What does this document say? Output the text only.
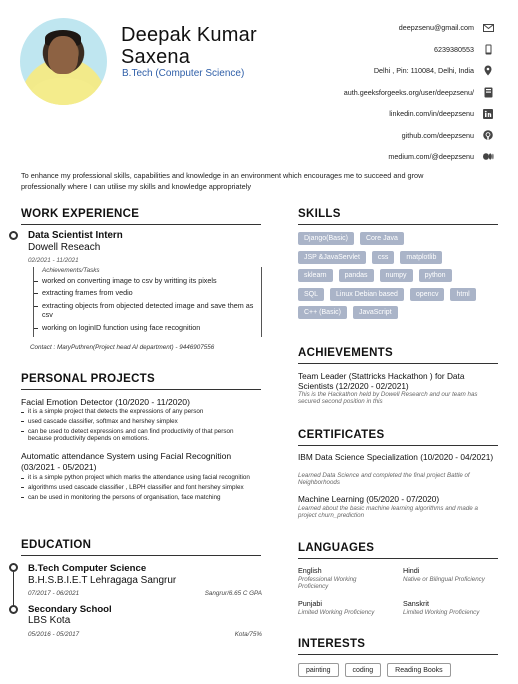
Deepak Kumar
Saxena
B.Tech (Computer Science)
deepzsenu@gmail.com
6239380553
Delhi , Pin: 110084, Delhi, India
auth.geeksforgeeks.org/user/deepzsenu/
linkedin.com/in/deepzsenu
github.com/deepzsenu
medium.com/@deepzsenu
To enhance my professional skills, capabilities and knowledge in an environment which encourages me to succeed and grow professionally where I can utilise my skills and knowledge appropriately
WORK EXPERIENCE
Data Scientist Intern
Dowell Reseach
02/2021 - 11/2021
Achievements/Tasks
worked on converting image to csv by writting its pixels
extracting frames from vedio
extracting objects from objected detected image and save them as csv
working on loginID function using face recognition
Contact : MaryPuthren(Project head AI department) - 9446907556
PERSONAL PROJECTS
Facial Emotion Detector (10/2020 - 11/2020)
it is a simple project that detects the expressions of any person
used cascade classifier, softmax and hershey simplex
can be used to detect expressions and can find productivity of that person because productivity depends on emotions.
Automatic attendance System using Facial Recognition (03/2021 - 05/2021)
it is a simple python project which marks the attendance using facial recognition
algorithms used cascade classifier , LBPH classifier and font hershey simplex
can be used in monitoring the persons of organisation, face matching
EDUCATION
B.Tech Computer Science
B.H.S.B.I.E.T Lehragaga Sangrur
07/2017 - 06/2021	Sangrur/6.65 C GPA
Secondary School
LBS Kota
05/2016 - 05/2017	Kota/75%
SKILLS
Django(Basic)	Core Java
JSP &JavaServlet	css	matplotlib
sklearn	pandas	numpy	python
SQL	Linux Debian based	opencv	html
C++ (Basic)	JavaScript
ACHIEVEMENTS
Team Leader (Stattricks Hackathon ) for Data Scientists (12/2020 - 02/2021)
This is the Hackathon held by Dowell Research and our team has secured second position in this
CERTIFICATES
IBM Data Science Specialization (10/2020 - 04/2021)
Learned Data Science and completed the final project Battle of Neighborhoods
Machine Learning (05/2020 - 07/2020)
Learned about the basic machine learning algorithms and made a project churn_prediction
LANGUAGES
English
Professional Working Proficiency
Hindi
Native or Bilingual Proficiency
Punjabi
Limited Working Proficiency
Sanskrit
Limited Working Proficiency
INTERESTS
painting	coding	Reading Books
